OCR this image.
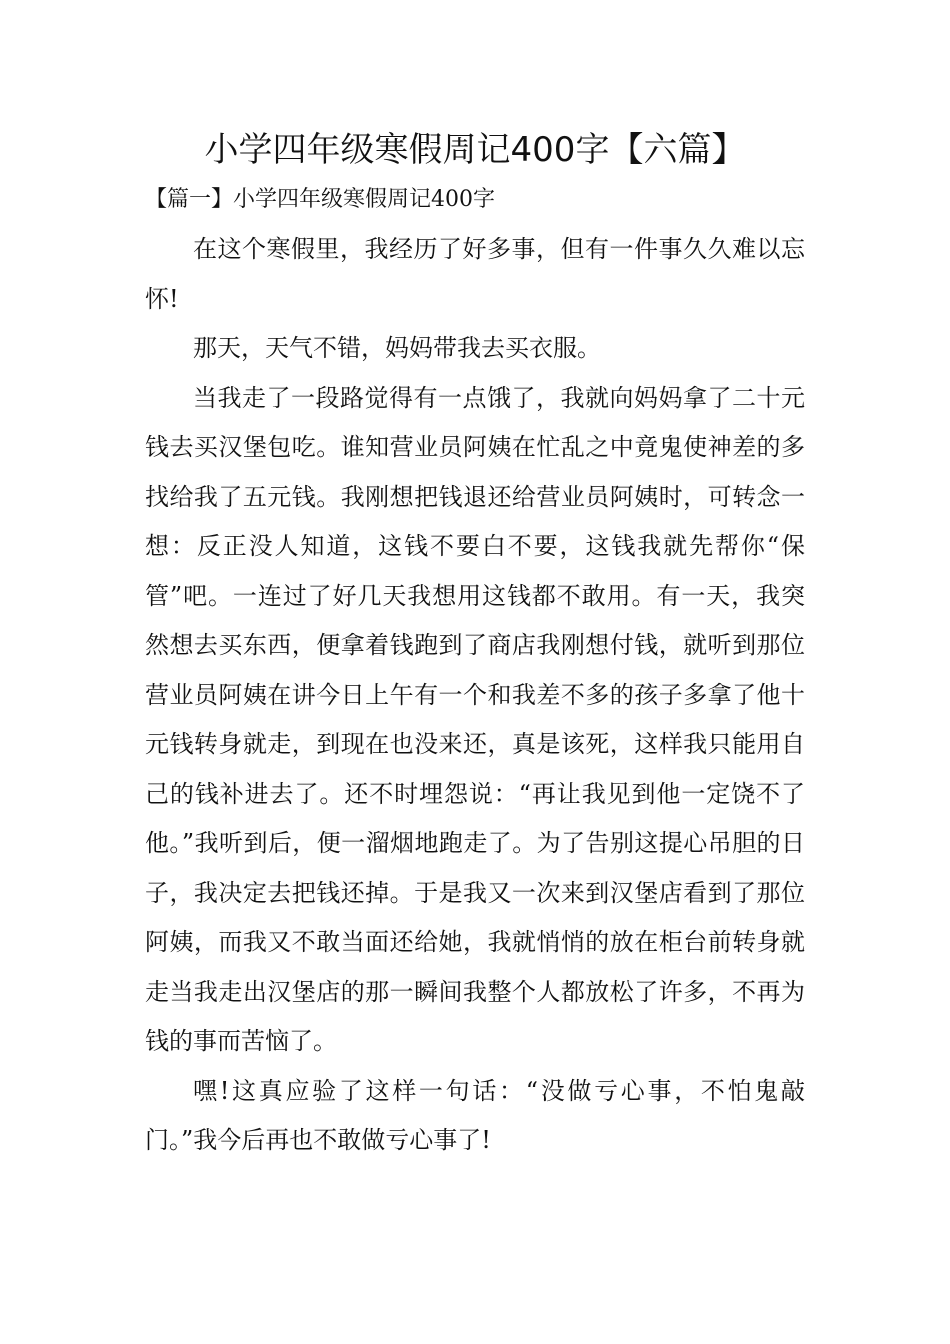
小学四年级寒假周记400字【六篇】
【篇一】小学四年级寒假周记400字

在这个寒假里，我经历了好多事，但有一件事久久难以忘怀!

那天，天气不错，妈妈带我去买衣服。

当我走了一段路觉得有一点饿了，我就向妈妈拿了二十元钱去买汉堡包吃。谁知营业员阿姨在忙乱之中竟鬼使神差的多找给我了五元钱。我刚想把钱退还给营业员阿姨时，可转念一想：反正没人知道，这钱不要白不要，这钱我就先帮你“保管”吧。一连过了好几天我想用这钱都不敢用。有一天，我突然想去买东西，便拿着钱跑到了商店我刚想付钱，就听到那位营业员阿姨在讲今日上午有一个和我差不多的孩子多拿了他十元钱转身就走，到现在也没来还，真是该死，这样我只能用自己的钱补进去了。还不时埋怨说：“再让我见到他一定饶不了他。”我听到后，便一溜烟地跑走了。为了告别这提心吊胆的日子，我决定去把钱还掉。于是我又一次来到汉堡店看到了那位阿姨，而我又不敢当面还给她，我就悄悄的放在柜台前转身就走当我走出汉堡店的那一瞬间我整个人都放松了许多，不再为钱的事而苦恼了。

嘿!这真应验了这样一句话：“没做亏心事，不怕鬼敲门。”我今后再也不敢做亏心事了!
